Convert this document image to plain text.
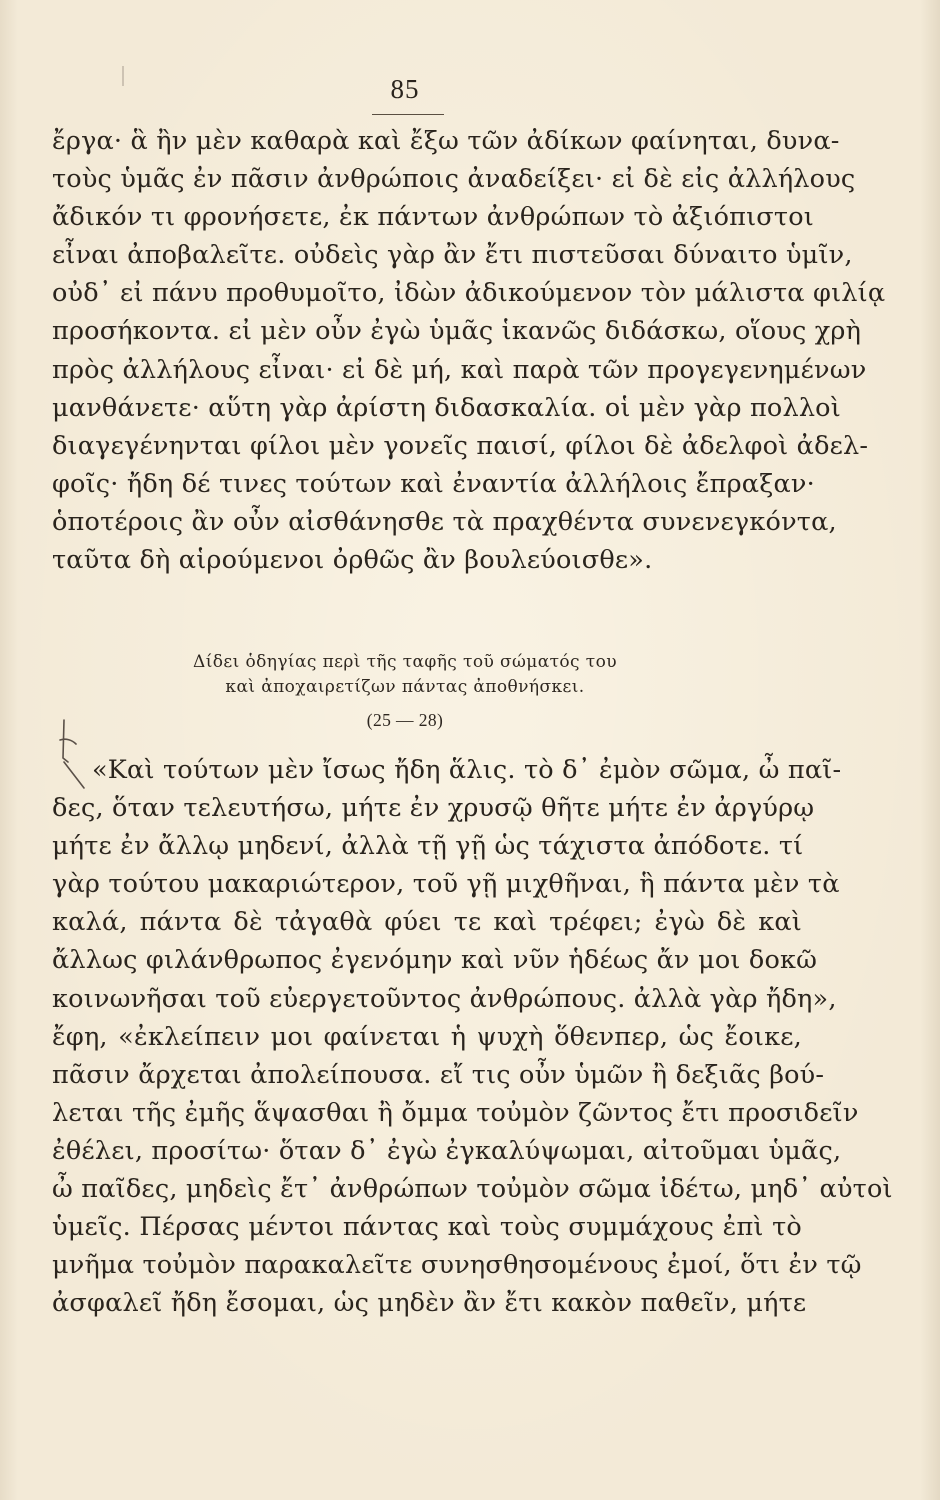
85
ἔργα· ἃ ἢν μὲν καθαρὰ καὶ ἔξω τῶν ἀδίκων φαίνηται, δυνα-
τοὺς ὑμᾶς ἐν πᾶσιν ἀνθρώποις ἀναδείξει· εἰ δὲ εἰς ἀλλήλους
ἄδικόν τι φρονήσετε, ἐκ πάντων ἀνθρώπων τὸ ἀξιόπιστοι
εἶναι ἀποβαλεῖτε. οὐδεὶς γὰρ ἂν ἔτι πιστεῦσαι δύναιτο ὑμῖν,
οὐδ᾽ εἰ πάνυ προθυμοῖτο, ἰδὼν ἀδικούμενον τὸν μάλιστα φιλίᾳ
προσήκοντα. εἰ μὲν οὖν ἐγὼ ὑμᾶς ἱκανῶς διδάσκω, οἵους χρὴ
πρὸς ἀλλήλους εἶναι· εἰ δὲ μή, καὶ παρὰ τῶν προγεγενημένων
μανθάνετε· αὕτη γὰρ ἀρίστη διδασκαλία. οἱ μὲν γὰρ πολλοὶ
διαγεγένηνται φίλοι μὲν γονεῖς παισί, φίλοι δὲ ἀδελφοὶ ἀδελ-
φοῖς· ἤδη δέ τινες τούτων καὶ ἐναντία ἀλλήλοις ἔπραξαν·
ὁποτέροις ἂν οὖν αἰσθάνησθε τὰ πραχθέντα συνενεγκόντα,
ταῦτα δὴ αἱρούμενοι ὀρθῶς ἂν βουλεύοισθε».
Δίδει ὁδηγίας περὶ τῆς ταφῆς τοῦ σώματός του
καὶ ἀποχαιρετίζων πάντας ἀποθνήσκει.
(25 — 28)
«Καὶ τούτων μὲν ἴσως ἤδη ἅλις. τὸ δ᾽ ἐμὸν σῶμα, ὦ παῖ-
δες, ὅταν τελευτήσω, μήτε ἐν χρυσῷ θῆτε μήτε ἐν ἀργύρῳ
μήτε ἐν ἄλλῳ μηδενί, ἀλλὰ τῇ γῇ ὡς τάχιστα ἀπόδοτε. τί
γὰρ τούτου μακαριώτερον, τοῦ γῇ μιχθῆναι, ἣ πάντα μὲν τὰ
καλά, πάντα δὲ τἀγαθὰ φύει τε καὶ τρέφει; ἐγὼ δὲ καὶ
ἄλλως φιλάνθρωπος ἐγενόμην καὶ νῦν ἡδέως ἄν μοι δοκῶ
κοινωνῆσαι τοῦ εὐεργετοῦντος ἀνθρώπους. ἀλλὰ γὰρ ἤδη»,
ἔφη, «ἐκλείπειν μοι φαίνεται ἡ ψυχὴ ὅθενπερ, ὡς ἔοικε,
πᾶσιν ἄρχεται ἀπολείπουσα. εἴ τις οὖν ὑμῶν ἢ δεξιᾶς βού-
λεται τῆς ἐμῆς ἅψασθαι ἢ ὄμμα τοὐμὸν ζῶντος ἔτι προσιδεῖν
ἐθέλει, προσίτω· ὅταν δ᾽ ἐγὼ ἐγκαλύψωμαι, αἰτοῦμαι ὑμᾶς,
ὦ παῖδες, μηδεὶς ἔτ᾽ ἀνθρώπων τοὐμὸν σῶμα ἰδέτω, μηδ᾽ αὐτοὶ
ὑμεῖς. Πέρσας μέντοι πάντας καὶ τοὺς συμμάχους ἐπὶ τὸ
μνῆμα τοὐμὸν παρακαλεῖτε συνησθησομένους ἐμοί, ὅτι ἐν τῷ
ἀσφαλεῖ ἤδη ἔσομαι, ὡς μηδὲν ἂν ἔτι κακὸν παθεῖν, μήτε
